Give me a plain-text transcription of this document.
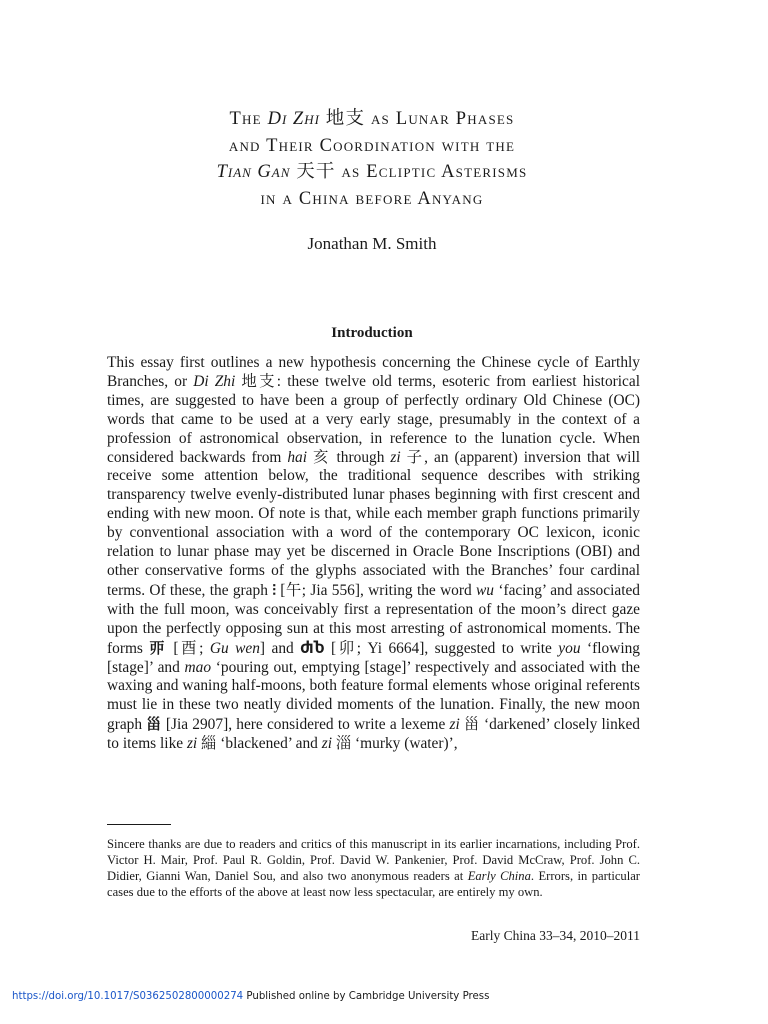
The Di Zhi 地支 as Lunar Phases
and Their Coordination with the
Tian Gan 天干 as Ecliptic Asterisms
in a China before Anyang
Jonathan M. Smith
Introduction

This essay first outlines a new hypothesis concerning the Chinese cycle of Earthly Branches, or Di Zhi 地支: these twelve old terms, esoteric from earliest historical times, are suggested to have been a group of perfectly ordinary Old Chinese (OC) words that came to be used at a very early stage, presumably in the context of a profession of astronomical observation, in reference to the lunation cycle. When considered backwards from hai 亥 through zi 子, an (apparent) inversion that will receive some attention below, the traditional sequence describes with striking transparency twelve evenly-distributed lunar phases beginning with first crescent and ending with new moon. Of note is that, while each member graph functions primarily by conventional association with a word of the contemporary OC lexicon, iconic relation to lunar phase may yet be discerned in Oracle Bone Inscriptions (OBI) and other conservative forms of the glyphs associated with the Branches’ four cardinal terms. Of these, the graph ⫶ [午; Jia 556], writing the word wu ‘facing’ and associated with the full moon, was conceivably first a representation of the moon’s direct gaze upon the perfectly opposing sun at this most arresting of astronomical moments. The forms 丣 [酉; Gu wen] and ႻႦ [卯; Yi 6664], suggested to write you ‘flowing [stage]’ and mao ‘pouring out, emptying [stage]’ respectively and associated with the waxing and waning half-moons, both feature formal elements whose original referents must lie in these two neatly divided moments of the lunation. Finally, the new moon graph 甾 [Jia 2907], here considered to write a lexeme zi 甾 ‘darkened’ closely linked to items like zi 緇 ‘blackened’ and zi 淄 ‘murky (water)’,

Sincere thanks are due to readers and critics of this manuscript in its earlier incarnations, including Prof. Victor H. Mair, Prof. Paul R. Goldin, Prof. David W. Pankenier, Prof. David McCraw, Prof. John C. Didier, Gianni Wan, Daniel Sou, and also two anonymous readers at Early China. Errors, in particular cases due to the efforts of the above at least now less spectacular, are entirely my own.

Early China 33–34, 2010–2011
https://doi.org/10.1017/S0362502800000274 Published online by Cambridge University Press
